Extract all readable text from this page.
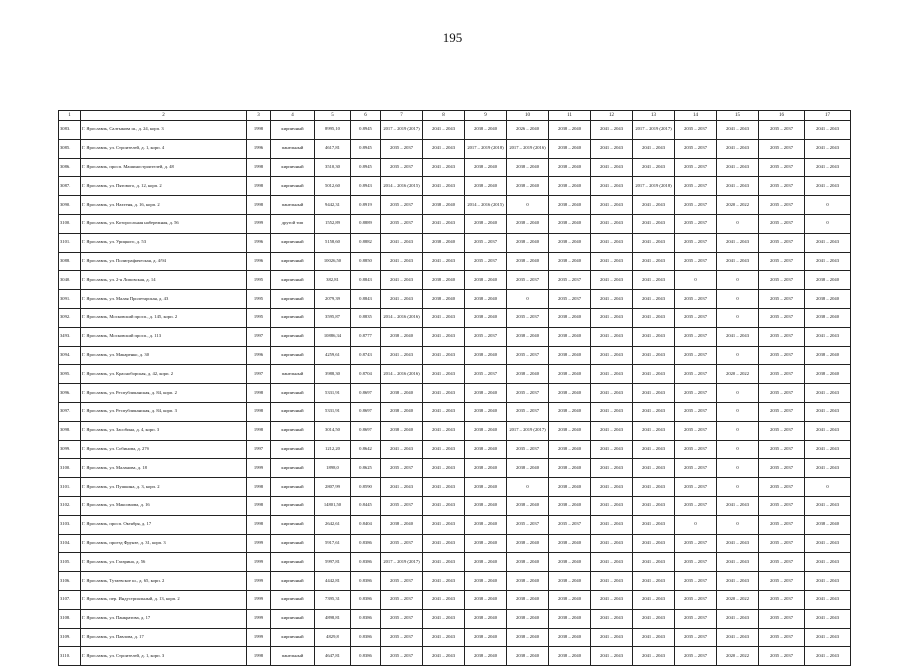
195
1	2	3	4	5	6	7	8	9	10	11	12	13	14	15	16	17
3083.	Г. Ярославль, Салтыкова ш., д. 24, корп. 3	1998	кирпичный	8995,10	0.8945	2017 – 2019 (2017)	2041 – 2043	2038 – 2040	2026 – 2040	2038 – 2040	2041 – 2043	2017 – 2019 (2017)	2035 – 2037	2041 – 2043	2035 – 2037	2041 – 2043
3085.	Г. Ярославль, ул. Строителей, д. 1, корп. 4	1996	панельный	4617,81	0.8945	2035 – 2037	2041 – 2043	2017 – 2019 (2018)	2017 – 2019 (2016)	2038 – 2040	2041 – 2043	2041 – 2043	2035 – 2037	2041 – 2043	2035 – 2037	2041 – 2043
3086.	Г. Ярославль, просп. Машиностроителей, д. 48	1998	кирпичный	3510,30	0.8945	2035 – 2037	2041 – 2043	2038 – 2040	2038 – 2040	2038 – 2040	2041 – 2043	2041 – 2043	2035 – 2037	2041 – 2043	2035 – 2037	2041 – 2043
3087.	Г. Ярославль, ул. Пятового, д. 12, корп. 2	1998	кирпичный	5012,60	0.8943	2014 – 2016 (2015)	2041 – 2043	2038 – 2040	2038 – 2040	2038 – 2040	2041 – 2043	2017 – 2019 (2018)	2035 – 2037	2041 – 2043	2035 – 2037	2041 – 2043
3090.	Г. Ярославль, ул. Нахтеня, д. 16, корп. 2	1998	панельный	9442,31	0.8919	2035 – 2037	2038 – 2040	2014 – 2016 (2015)	0	2038 – 2040	2041 – 2043	2041 – 2043	2035 – 2037	2020 – 2022	2035 – 2037	0
3100.	Г. Ярославль, ул. Которосльная набережная, д. 56	1999	другой тип	1552,89	0.8889	2035 – 2037	2041 – 2043	2038 – 2040	2038 – 2040	2038 – 2040	2041 – 2043	2041 – 2043	2035 – 2037	0	2035 – 2037	0
3101.	Г. Ярославль, ул. Урицкого, д. 53	1996	кирпичный	5158,60	0.8882	2041 – 2043	2038 – 2040	2035 – 2037	2038 – 2040	2038 – 2040	2041 – 2043	2041 – 2043	2035 – 2037	2041 – 2043	2035 – 2037	2041 – 2043
3088.	Г. Ярославль, ул. Полиграфическая, д. 4/94	1996	кирпичный	10026,50	0.8850	2041 – 2043	2041 – 2043	2035 – 2037	2038 – 2040	2038 – 2040	2041 – 2043	2041 – 2043	2035 – 2037	2041 – 2043	2035 – 2037	2041 – 2043
3040.	Г. Ярославль, ул. 2-я Липовская, д. 14	1995	кирпичный	382,81	0.8843	2041 – 2043	2038 – 2040	2038 – 2040	2035 – 2037	2035 – 2037	2041 – 2043	2041 – 2043	0	0	2035 – 2037	2038 – 2040
3091.	Г. Ярославль, ул. Малая Пролетарская, д. 43	1995	кирпичный	2079,39	0.8843	2041 – 2043	2038 – 2040	2038 – 2040	0	2035 – 2037	2041 – 2043	2041 – 2043	2035 – 2037	0	2035 – 2037	2038 – 2040
3092.	Г. Ярославль, Московский просп., д. 145, корп. 2	1995	кирпичный	3595,87	0.8835	2014 – 2016 (2016)	2041 – 2043	2038 – 2040	2035 – 2037	2038 – 2040	2041 – 2043	2041 – 2043	2035 – 2037	0	2035 – 2037	2038 – 2040
3493.	Г. Ярославль, Московский просп., д. 113	1997	кирпичный	10886,34	0.8777	2038 – 2040	2041 – 2043	2035 – 2037	2038 – 2040	2038 – 2040	2041 – 2043	2041 – 2043	2035 – 2037	2041 – 2043	2035 – 2037	2041 – 2043
3094.	Г. Ярославль, ул. Макаренко, д. 30	1996	кирпичный	4259,61	0.8743	2041 – 2043	2041 – 2043	2038 – 2040	2035 – 2037	2038 – 2040	2041 – 2043	2041 – 2043	2035 – 2037	0	2035 – 2037	2038 – 2040
3095.	Г. Ярославль, ул. Красноборская, д. 42, корп. 2	1997	панельный	3988,30	0.8704	2014 – 2016 (2016)	2041 – 2043	2035 – 2037	2038 – 2040	2038 – 2040	2041 – 2043	2041 – 2043	2035 – 2037	2020 – 2022	2035 – 2037	2038 – 2040
3096.	Г. Ярославль, ул. Республиканская, д. 84, корп. 2	1998	кирпичный	5331,91	0.8697	2038 – 2040	2041 – 2043	2038 – 2040	2035 – 2037	2038 – 2040	2041 – 2043	2041 – 2043	2035 – 2037	0	2035 – 2037	2041 – 2043
3097.	Г. Ярославль, ул. Республиканская, д. 84, корп. 3	1998	кирпичный	5331,91	0.8697	2038 – 2040	2041 – 2043	2038 – 2040	2035 – 2037	2038 – 2040	2041 – 2043	2041 – 2043	2035 – 2037	0	2035 – 2037	2041 – 2043
3098.	Г. Ярославль, ул. Засобина, д. 4, корп. 3	1998	кирпичный	3014,50	0.8697	2038 – 2040	2041 – 2043	2038 – 2040	2017 – 2019 (2017)	2038 – 2040	2041 – 2043	2041 – 2043	2035 – 2037	0	2035 – 2037	2041 – 2043
3099.	Г. Ярославль, ул. Собинова, д. 27б	1997	кирпичный	1212,20	0.8642	2041 – 2043	2041 – 2043	2038 – 2040	2035 – 2037	2038 – 2040	2041 – 2043	2041 – 2043	2035 – 2037	0	2035 – 2037	2041 – 2043
3100.	Г. Ярославль, ул. Маланова, д. 18	1999	кирпичный	1898,0	0.8625	2035 – 2037	2041 – 2043	2038 – 2040	2038 – 2040	2038 – 2040	2041 – 2043	2041 – 2043	2035 – 2037	0	2035 – 2037	2041 – 2043
3101.	Г. Ярославль, ул. Пушкина, д. 3, корп. 2	1998	кирпичный	2807,99	0.8590	2041 – 2043	2041 – 2043	2038 – 2040	0	2038 – 2040	2041 – 2043	2041 – 2043	2035 – 2037	0	2035 – 2037	0
3102.	Г. Ярославль, ул. Максимова, д. 16	1998	кирпичный	14801,50	0.8445	2035 – 2037	2041 – 2043	2038 – 2040	2038 – 2040	2038 – 2040	2041 – 2043	2041 – 2043	2035 – 2037	2041 – 2043	2035 – 2037	2041 – 2043
3103.	Г. Ярославль, просп. Октября, д. 17	1998	кирпичный	2642,61	0.8404	2038 – 2040	2041 – 2043	2038 – 2040	2035 – 2037	2035 – 2037	2041 – 2043	2041 – 2043	0	0	2035 – 2037	2038 – 2040
3104.	Г. Ярославль, проезд Фрунзе, д. 31, корп. 3	1999	кирпичный	5917,61	0.8386	2035 – 2037	2041 – 2043	2038 – 2040	2038 – 2040	2038 – 2040	2041 – 2043	2041 – 2043	2035 – 2037	2041 – 2043	2035 – 2037	2041 – 2043
3105.	Г. Ярославль, ул. Гагарина, д. 56	1999	кирпичный	5997,81	0.8386	2017 – 2019 (2017)	2041 – 2043	2038 – 2040	2038 – 2040	2038 – 2040	2041 – 2043	2041 – 2043	2035 – 2037	2041 – 2043	2035 – 2037	2041 – 2043
3106.	Г. Ярославль, Тутаевское ш., д. 65, корп. 2	1999	кирпичный	4442,81	0.8386	2035 – 2037	2041 – 2043	2038 – 2040	2038 – 2040	2038 – 2040	2041 – 2043	2041 – 2043	2035 – 2037	2041 – 2043	2035 – 2037	2041 – 2043
3107.	Г. Ярославль, пер. Индустриальный, д. 13, корп. 2	1999	кирпичный	7395,31	0.8386	2035 – 2037	2041 – 2043	2038 – 2040	2038 – 2040	2038 – 2040	2041 – 2043	2041 – 2043	2035 – 2037	2020 – 2022	2035 – 2037	2041 – 2043
3108.	Г. Ярославль, ул. Панкратова, д. 17	1999	кирпичный	4898,81	0.8386	2035 – 2037	2041 – 2043	2038 – 2040	2038 – 2040	2038 – 2040	2041 – 2043	2041 – 2043	2035 – 2037	2041 – 2043	2035 – 2037	2041 – 2043
3109.	Г. Ярославль, ул. Павлова, д. 17	1999	кирпичный	4829,8	0.8386	2035 – 2037	2041 – 2043	2038 – 2040	2038 – 2040	2038 – 2040	2041 – 2043	2041 – 2043	2035 – 2037	2041 – 2043	2035 – 2037	2041 – 2043
3110.	Г. Ярославль, ул. Строителей, д. 1, корп. 3	1998	панельный	4647,81	0.8386	2035 – 2037	2041 – 2043	2038 – 2040	2038 – 2040	2038 – 2040	2041 – 2043	2041 – 2043	2035 – 2037	2020 – 2022	2035 – 2037	2041 – 2043
